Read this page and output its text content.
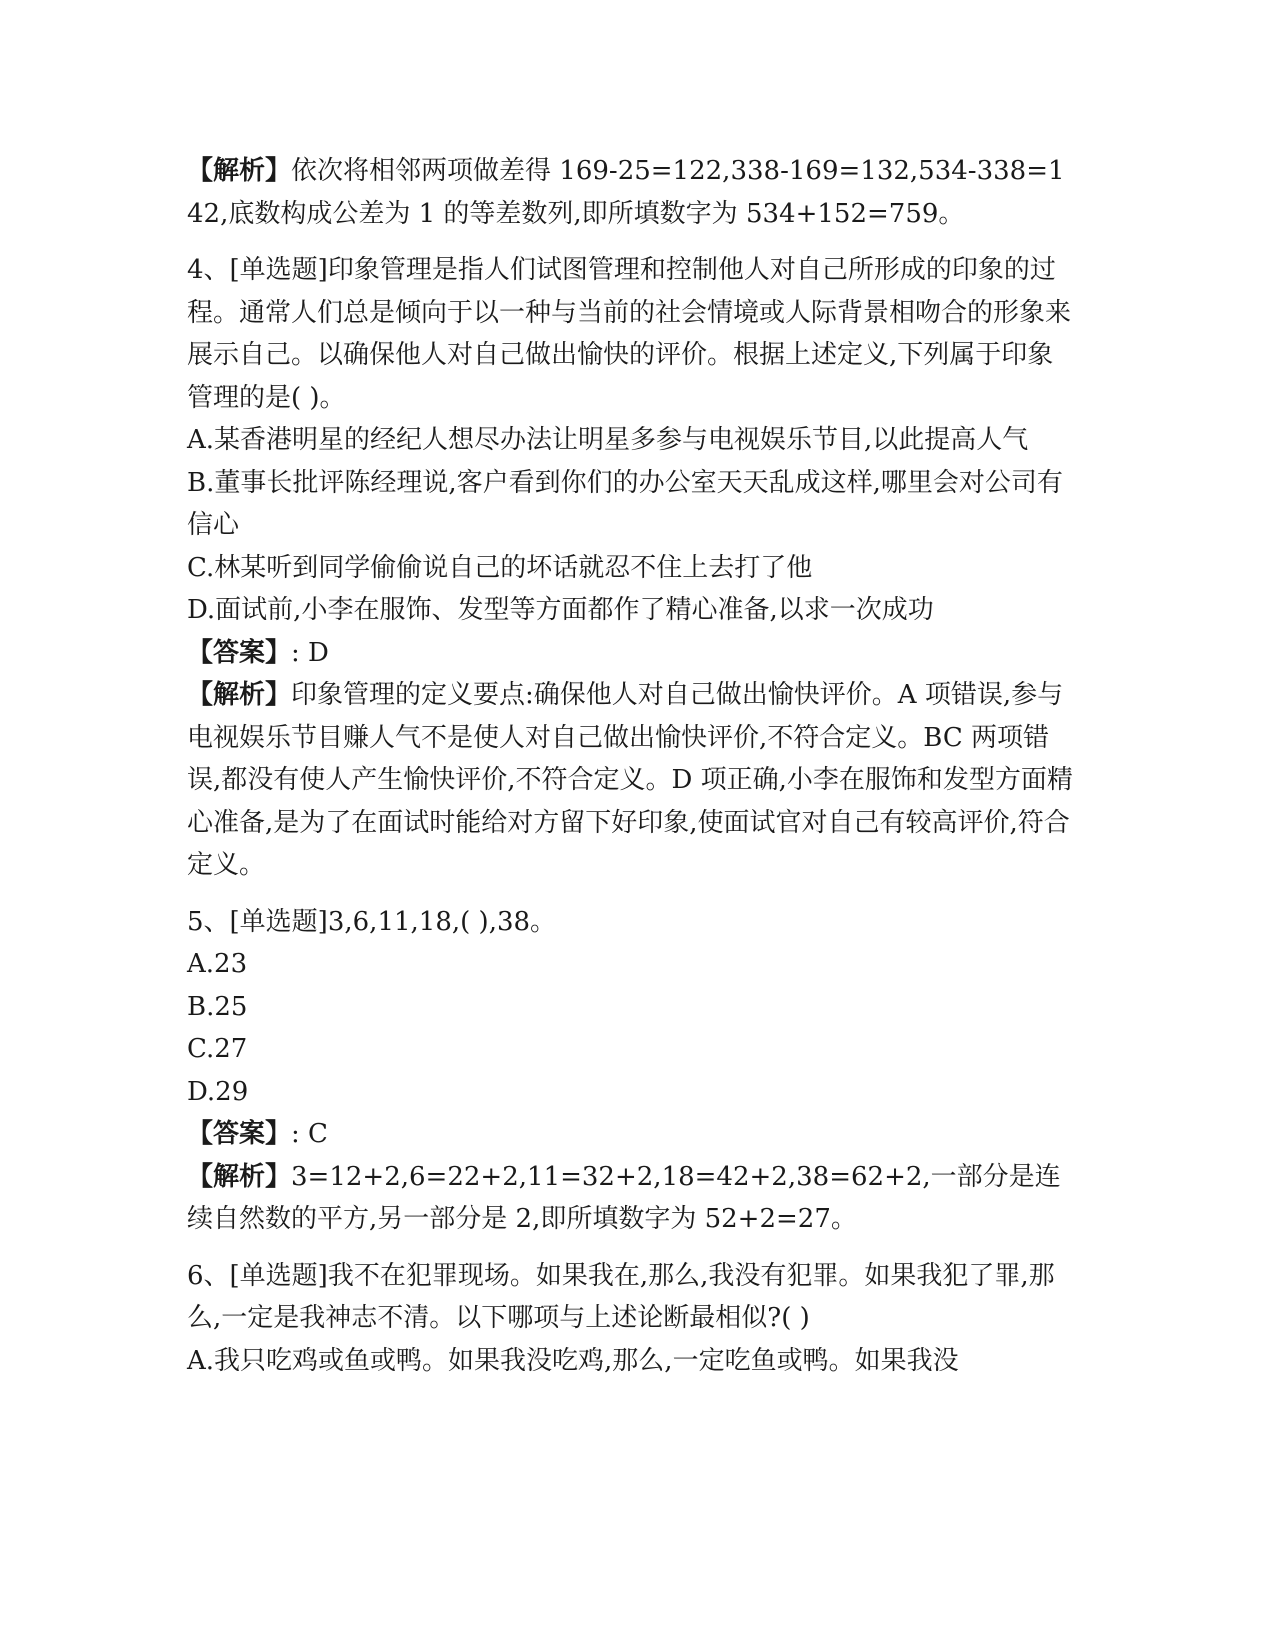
【解析】依次将相邻两项做差得 169-25=122,338-169=132,534-338=142,底数构成公差为 1 的等差数列,即所填数字为 534+152=759。

4、[单选题]印象管理是指人们试图管理和控制他人对自己所形成的印象的过程。通常人们总是倾向于以一种与当前的社会情境或人际背景相吻合的形象来展示自己。以确保他人对自己做出愉快的评价。根据上述定义,下列属于印象管理的是( )。

A.某香港明星的经纪人想尽办法让明星多参与电视娱乐节目,以此提高人气

B.董事长批评陈经理说,客户看到你们的办公室天天乱成这样,哪里会对公司有信心

C.林某听到同学偷偷说自己的坏话就忍不住上去打了他

D.面试前,小李在服饰、发型等方面都作了精心准备,以求一次成功

【答案】: D

【解析】印象管理的定义要点:确保他人对自己做出愉快评价。A 项错误,参与电视娱乐节目赚人气不是使人对自己做出愉快评价,不符合定义。BC 两项错误,都没有使人产生愉快评价,不符合定义。D 项正确,小李在服饰和发型方面精心准备,是为了在面试时能给对方留下好印象,使面试官对自己有较高评价,符合定义。

5、[单选题]3,6,11,18,( ),38。

A.23

B.25

C.27

D.29

【答案】: C

【解析】3=12+2,6=22+2,11=32+2,18=42+2,38=62+2,一部分是连续自然数的平方,另一部分是 2,即所填数字为 52+2=27。

6、[单选题]我不在犯罪现场。如果我在,那么,我没有犯罪。如果我犯了罪,那么,一定是我神志不清。以下哪项与上述论断最相似?( )

A.我只吃鸡或鱼或鸭。如果我没吃鸡,那么,一定吃鱼或鸭。如果我没
